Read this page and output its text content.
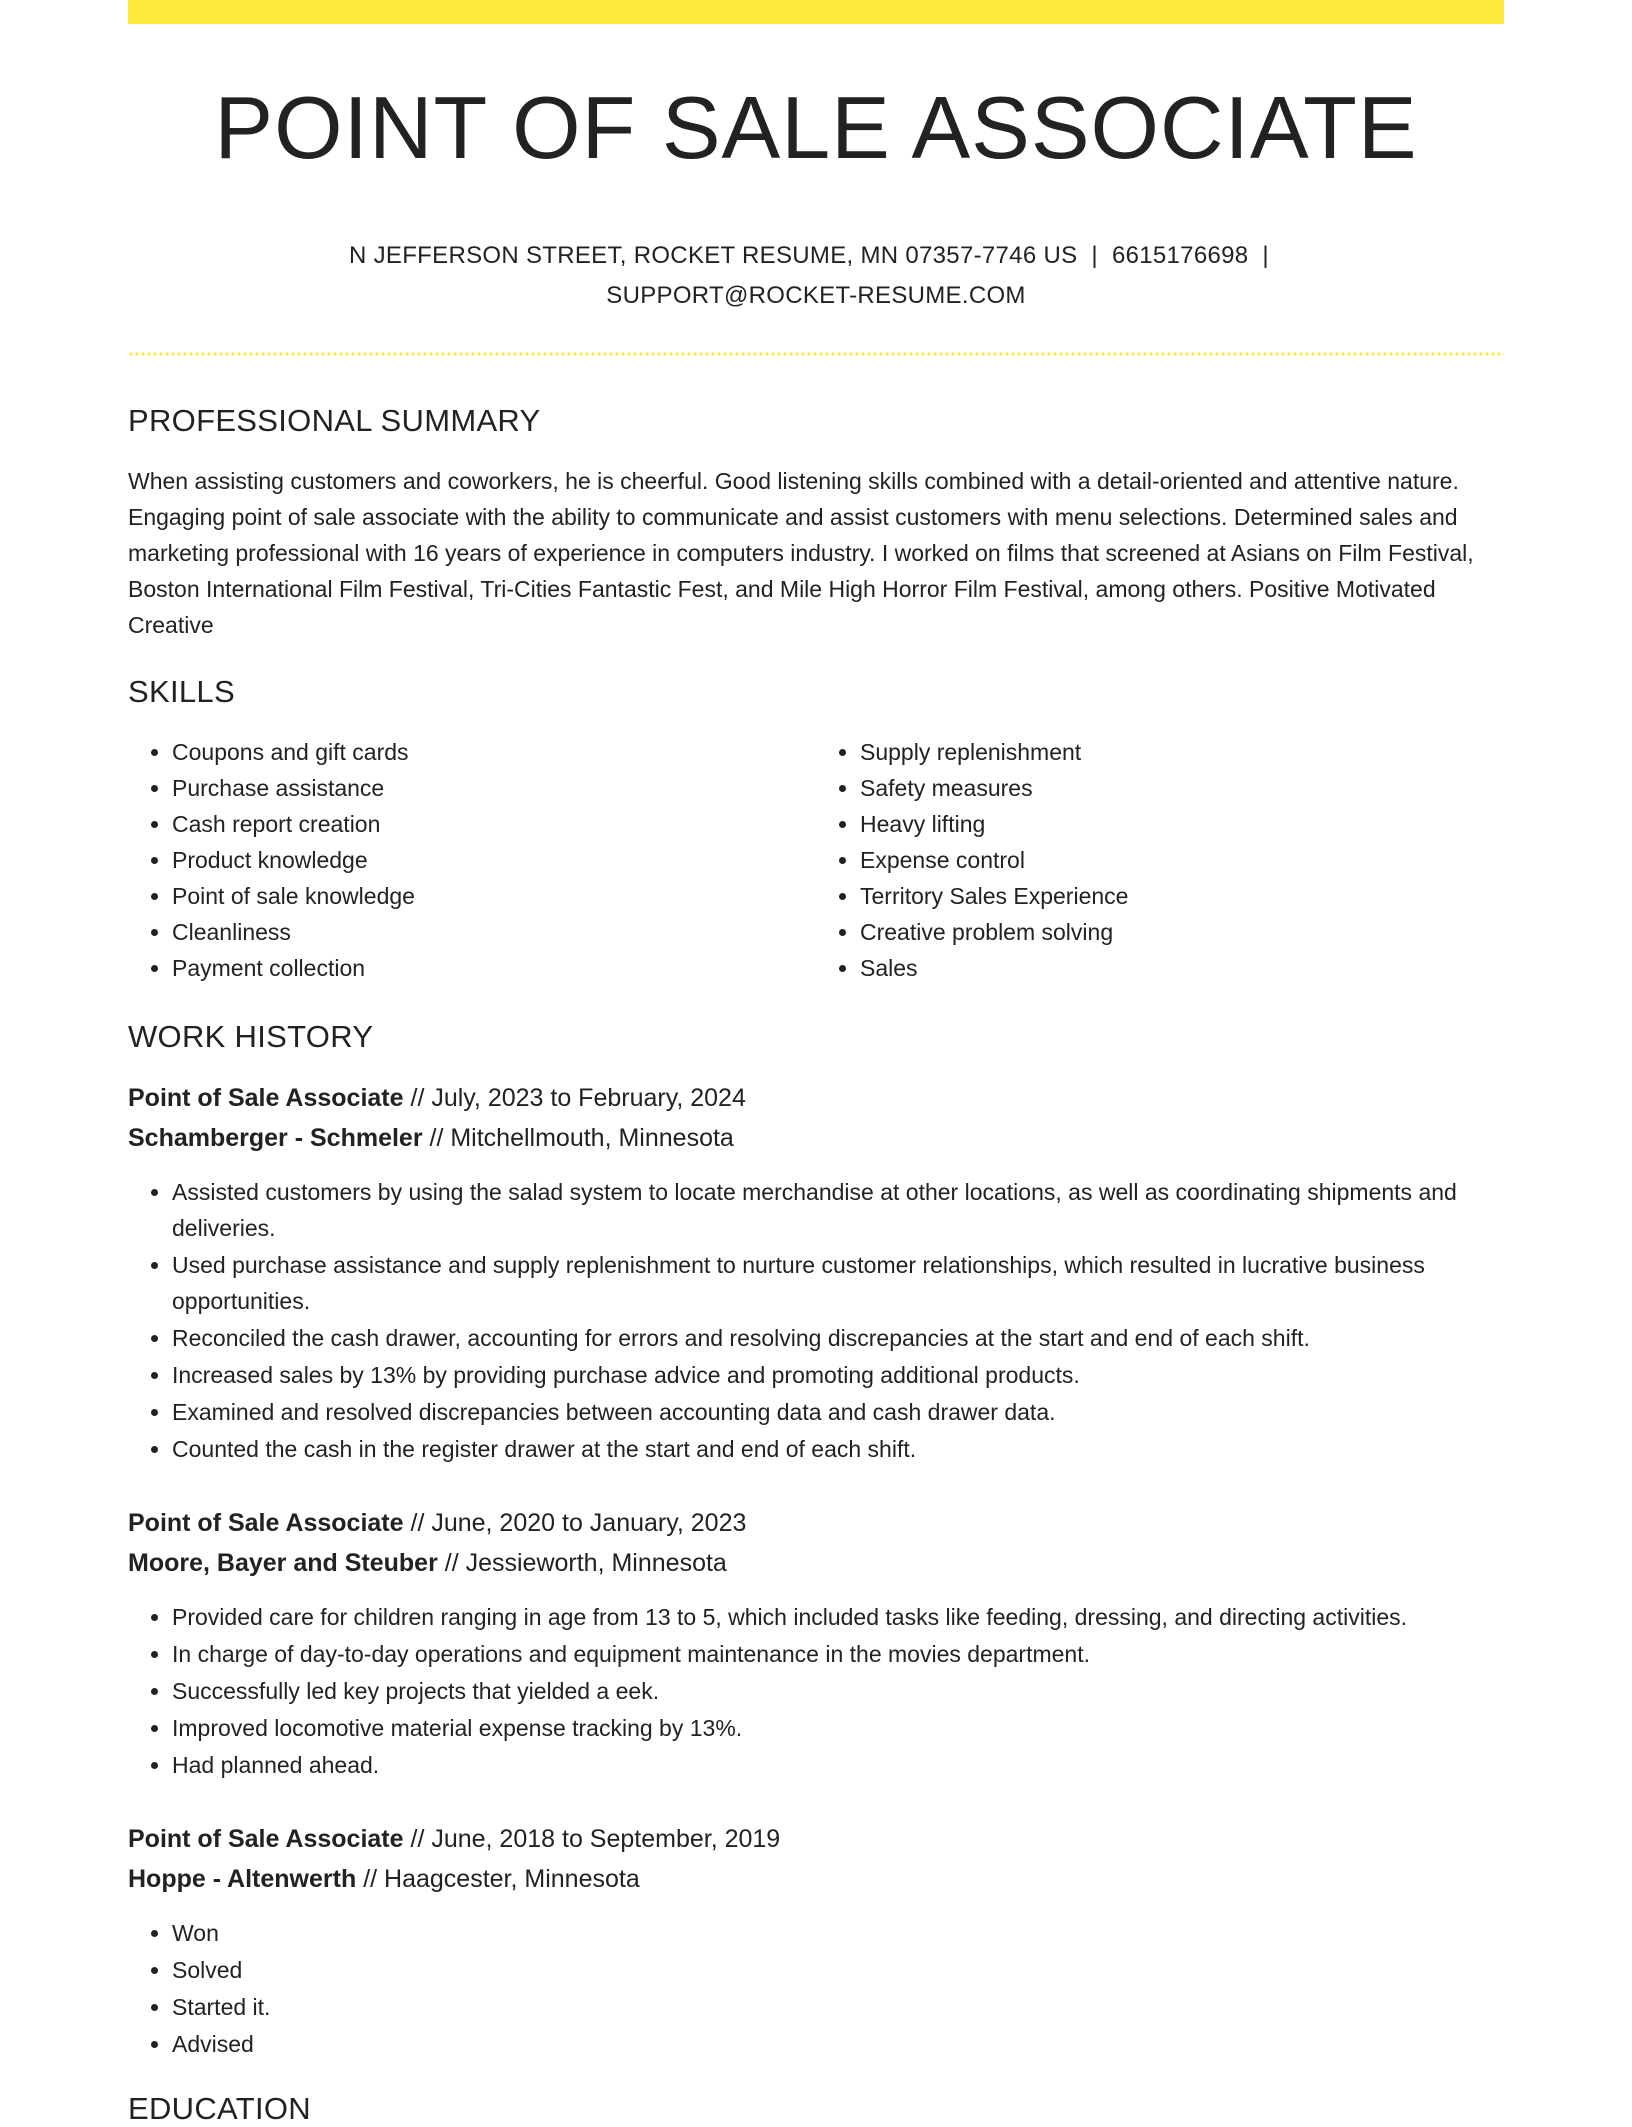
POINT OF SALE ASSOCIATE
N JEFFERSON STREET, ROCKET RESUME, MN 07357-7746 US | 6615176698 |
SUPPORT@ROCKET-RESUME.COM
PROFESSIONAL SUMMARY

When assisting customers and coworkers, he is cheerful. Good listening skills combined with a detail-oriented and attentive nature. Engaging point of sale associate with the ability to communicate and assist customers with menu selections. Determined sales and marketing professional with 16 years of experience in computers industry. I worked on films that screened at Asians on Film Festival, Boston International Film Festival, Tri-Cities Fantastic Fest, and Mile High Horror Film Festival, among others. Positive Motivated Creative

SKILLS
• Coupons and gift cards
• Purchase assistance
• Cash report creation
• Product knowledge
• Point of sale knowledge
• Cleanliness
• Payment collection
• Supply replenishment
• Safety measures
• Heavy lifting
• Expense control
• Territory Sales Experience
• Creative problem solving
• Sales
WORK HISTORY

Point of Sale Associate // July, 2023 to February, 2024

Schamberger - Schmeler // Mitchellmouth, Minnesota

• Assisted customers by using the salad system to locate merchandise at other locations, as well as coordinating shipments and deliveries.
• Used purchase assistance and supply replenishment to nurture customer relationships, which resulted in lucrative business opportunities.
• Reconciled the cash drawer, accounting for errors and resolving discrepancies at the start and end of each shift.
• Increased sales by 13% by providing purchase advice and promoting additional products.
• Examined and resolved discrepancies between accounting data and cash drawer data.
• Counted the cash in the register drawer at the start and end of each shift.

Point of Sale Associate // June, 2020 to January, 2023

Moore, Bayer and Steuber // Jessieworth, Minnesota

• Provided care for children ranging in age from 13 to 5, which included tasks like feeding, dressing, and directing activities.
• In charge of day-to-day operations and equipment maintenance in the movies department.
• Successfully led key projects that yielded a eek.
• Improved locomotive material expense tracking by 13%.
• Had planned ahead.

Point of Sale Associate // June, 2018 to September, 2019

Hoppe - Altenwerth // Haagcester, Minnesota

• Won
• Solved
• Started it.
• Advised
EDUCATION
